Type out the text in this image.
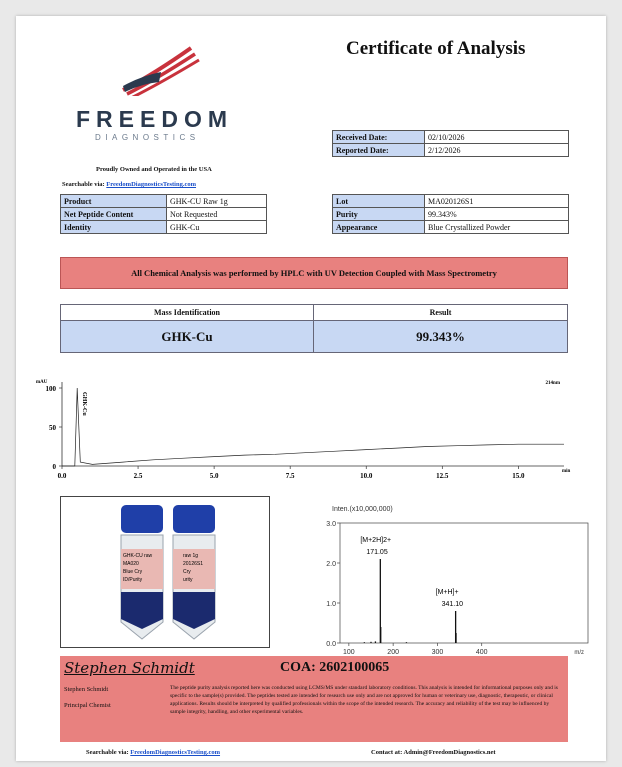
FREEDOM
DIAGNOSTICS
Certificate of Analysis
Proudly Owned and Operated in the USA
Searchable via: FreedomDiagnosticsTesting.com
Received Date:	02/10/2026
Reported Date:	2/12/2026
Product	GHK-CU Raw 1g
Net Peptide Content	Not Requested
Identity	GHK-Cu
Lot	MA020126S1
Purity	99.343%
Appearance	Blue Crystallized Powder
All Chemical Analysis was performed by HPLC with UV Detection Coupled with Mass Spectrometry
Mass Identification	Result
GHK-Cu	99.343%
0
50
100
0.0	2.5	5.0	7.5	10.0	12.5	15.0
mAU
min
214nm
GHK-Cu
GHK-CU raw
MA020
Blue Cry
ID/Purity
raw 1g
20126S1
Cry
urity
Inten.(x10,000,000)
0.0
1.0
2.0
3.0
100	200	300	400	m/z
[M+2H]2+
171.05
[M+H]+
341.10
Stephen Schmidt	COA: 2602100065
Stephen Schmidt
Principal Chemist
The peptide purity analysis reported here was conducted using LCMS/MS under standard laboratory conditions. This analysis is intended for informational purposes only and is specific to the sample(s) provided. The peptides tested are intended for research use only and are not approved for human or veterinary use, diagnostic, therapeutic, or clinical applications. Results should be interpreted by qualified professionals within the scope of the intended research. The accuracy and reliability of the test may be influenced by sample integrity, handling, and other experimental variables.
Searchable via: FreedomDiagnosticsTesting.com	Contact at: Admin@FreedomDiagnostics.net
